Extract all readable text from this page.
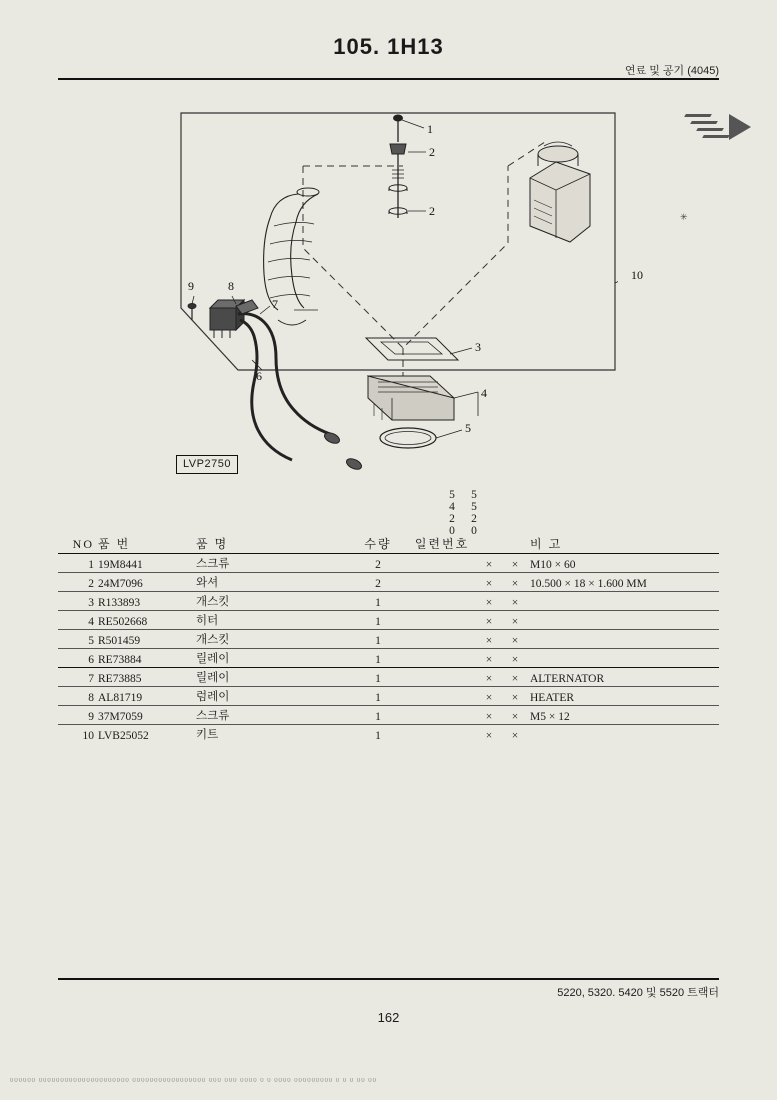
105. 1H13
연료 및 공기 (4045)
1
2
2
3
4
5
6
7
8
9
10
✳
LVP2750
5
4
2
0
5
5
2
0
NO	품 번	품 명	수량	일련번호			비 고
1	19M8441	스크류	2		×	×	M10 × 60
2	24M7096	와셔	2		×	×	10.500 × 18 × 1.600 MM
3	R133893	개스킷	1		×	×	
4	RE502668	히터	1		×	×	
5	R501459	개스킷	1		×	×	
6	RE73884	릴레이	1		×	×	
7	RE73885	릴레이	1		×	×	ALTERNATOR
8	AL81719	럼레이	1		×	×	HEATER
9	37M7059	스크류	1		×	×	M5 × 12
10	LVB25052	키트	1		×	×	
5220, 5320. 5420 및 5520 트랙터
162
000000 000000000000000000000 00000000000000000 000 000 0000 0 0 0000 000000000 0 0 0 00 00
